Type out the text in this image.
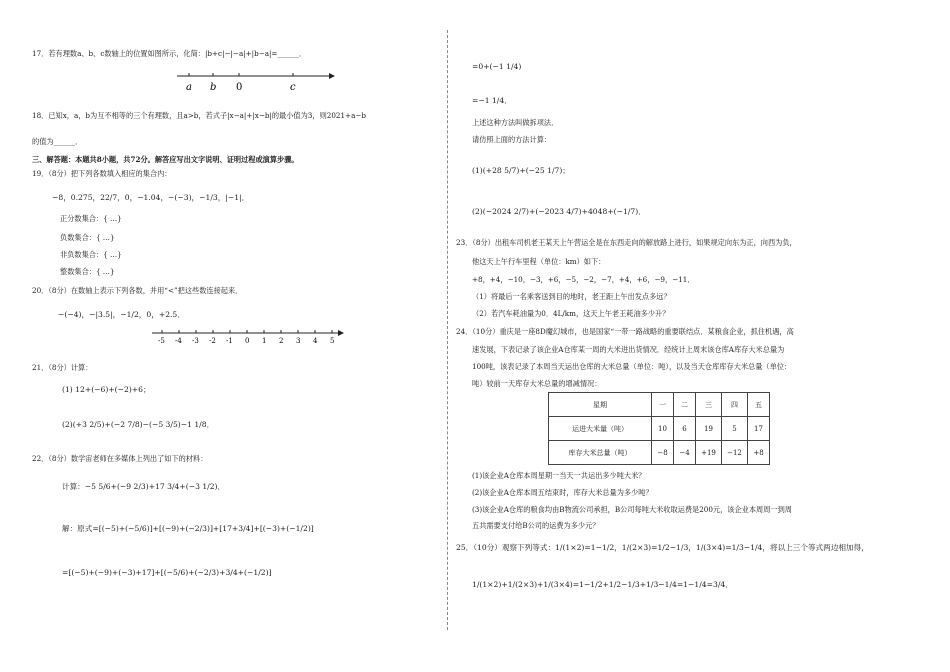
17．若有理数a、b、c数轴上的位置如图所示，化简：|b+c|−|−a|+|b−a|=______．
a b 0	c
18．已知x，a，b为互不相等的三个有理数，且a>b，若式子|x−a|+|x−b|的最小值为3，则2021+a−b
的值为______．
三、解答题：本题共8小题，共72分。解答应写出文字说明、证明过程或演算步骤。
19．（8分）把下列各数填入相应的集合内：
−8，0.275，22/7，0，−1.04，−(−3)，−1/3，|−1|．
正分数集合：{ …}
负数集合：{ …}
非负数集合：{ …}
整数集合：{ …}
20．（8分）在数轴上表示下列各数，并用“<”把这些数连接起来．
−(−4)，−|3.5|，−1/2，0，+2.5．
-5 -4 -3 -2 -1 0 1 2 3 4 5
21．（8分）计算：
(1) 12+(−6)+(−2)+6；
(2)(+3 2/5)+(−2 7/8)−(−5 3/5)−1 1/8．
22．（8分）数学宙老师在多媒体上列出了如下的材料：
计算：−5 5/6+(−9 2/3)+17 3/4+(−3 1/2)．
解：原式=[(−5)+(−5/6)]+[(−9)+(−2/3)]+[17+3/4]+[(−3)+(−1/2)]
=[(−5)+(−9)+(−3)+17]+[(−5/6)+(−2/3)+3/4+(−1/2)]
=0+(−1 1/4)
=−1 1/4．
上述这种方法叫做拆项法．
请仿照上面的方法计算：
(1)(+28 5/7)+(−25 1/7)；
(2)(−2024 2/7)+(−2023 4/7)+4048+(−1/7)．
23．（8分）出租车司机老王某天上午营运全是在东西走向的解放路上进行，如果规定向东为正，向西为负，
他这天上午行车里程（单位：km）如下：
+8，+4，−10，−3，+6，−5，−2，−7，+4，+6，−9，−11．
（1）将最后一名乘客送到目的地时，老王距上午出发点多远？
（2）若汽车耗油量为0．4L/km，这天上午老王耗油多少升？
24．（10分）重庆是一座8D魔幻城市，也是国家“一带一路战略的重要联结点．某粮食企业，抓住机遇，高
速发展，下表记录了该企业A仓库某一周的大米进出货情况．经统计上周末该仓库A库存大米总量为
100吨，该表记录了本周当天运出仓库的大米总量（单位：吨），以及当天仓库库存大米总量（单位：
吨）较前一天库存大米总量的增减情况：
星期	一	二	三	四	五
运进大米量（吨）	10	6	19	5	17
库存大米总量（吨）	−8	−4	+19	−12	+8
(1)该企业A仓库本周星期一当天一共运出多少吨大米？
(2)该企业A仓库本周五结束时，库存大米总量为多少吨？
(3)该企业A仓库的粮食均由B物流公司承担，B公司每吨大米收取运费是200元，该企业本周周一到周
五共需要支付给B公司的运费为多少元？
25．（10分）观察下列等式：1/(1×2)=1−1/2，1/(2×3)=1/2−1/3，1/(3×4)=1/3−1/4，将以上三个等式两边相加得，
1/(1×2)+1/(2×3)+1/(3×4)=1−1/2+1/2−1/3+1/3−1/4=1−1/4=3/4．
